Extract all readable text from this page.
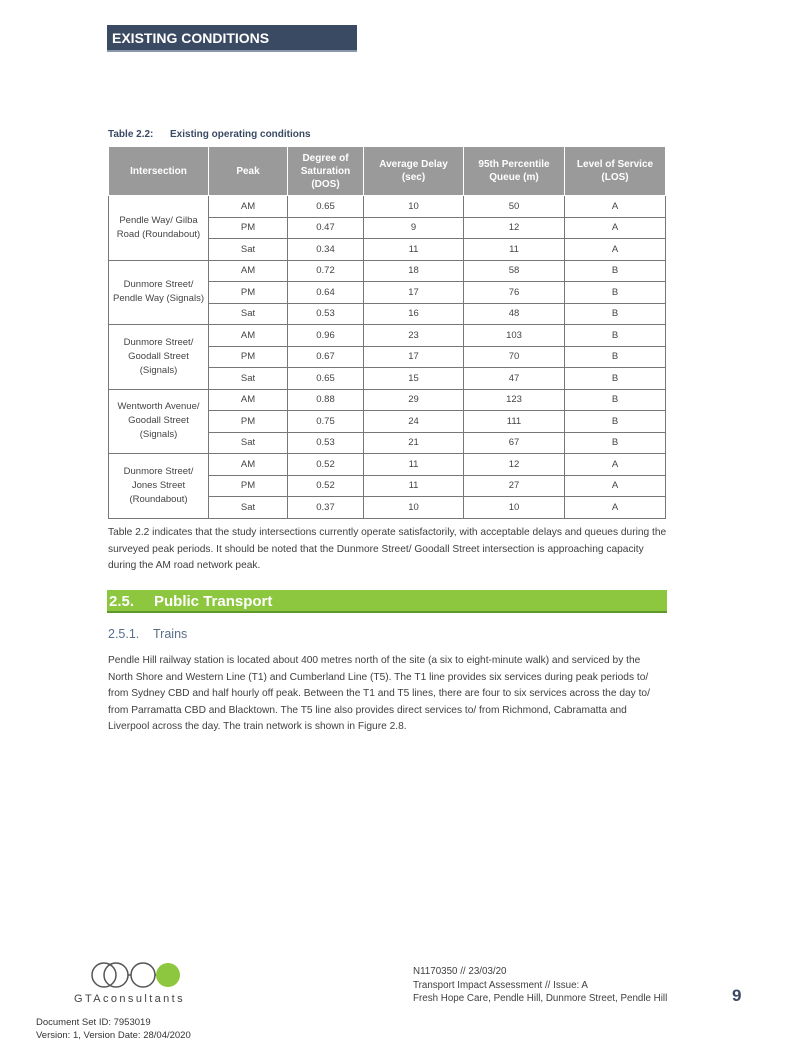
EXISTING CONDITIONS
Table 2.2: Existing operating conditions
Intersection	Peak	Degree of Saturation (DOS)	Average Delay (sec)	95th Percentile Queue (m)	Level of Service (LOS)
Pendle Way/ Gilba Road (Roundabout)	AM	0.65	10	50	A
	PM	0.47	9	12	A
	Sat	0.34	11	11	A
Dunmore Street/ Pendle Way (Signals)	AM	0.72	18	58	B
	PM	0.64	17	76	B
	Sat	0.53	16	48	B
Dunmore Street/ Goodall Street (Signals)	AM	0.96	23	103	B
	PM	0.67	17	70	B
	Sat	0.65	15	47	B
Wentworth Avenue/ Goodall Street (Signals)	AM	0.88	29	123	B
	PM	0.75	24	111	B
	Sat	0.53	21	67	B
Dunmore Street/ Jones Street (Roundabout)	AM	0.52	11	12	A
	PM	0.52	11	27	A
	Sat	0.37	10	10	A
Table 2.2 indicates that the study intersections currently operate satisfactorily, with acceptable delays and queues during the surveyed peak periods. It should be noted that the Dunmore Street/ Goodall Street intersection is approaching capacity during the AM road network peak.
2.5. Public Transport
2.5.1. Trains
Pendle Hill railway station is located about 400 metres north of the site (a six to eight-minute walk) and serviced by the North Shore and Western Line (T1) and Cumberland Line (T5). The T1 line provides six services during peak periods to/ from Sydney CBD and half hourly off peak. Between the T1 and T5 lines, there are four to six services across the day to/ from Parramatta CBD and Blacktown. The T5 line also provides direct services to/ from Richmond, Cabramatta and Liverpool across the day. The train network is shown in Figure 2.8.
GTAconsultants
N1170350 // 23/03/20
Transport Impact Assessment // Issue: A
Fresh Hope Care, Pendle Hill, Dunmore Street, Pendle Hill	9
Document Set ID: 7953019
Version: 1, Version Date: 28/04/2020
